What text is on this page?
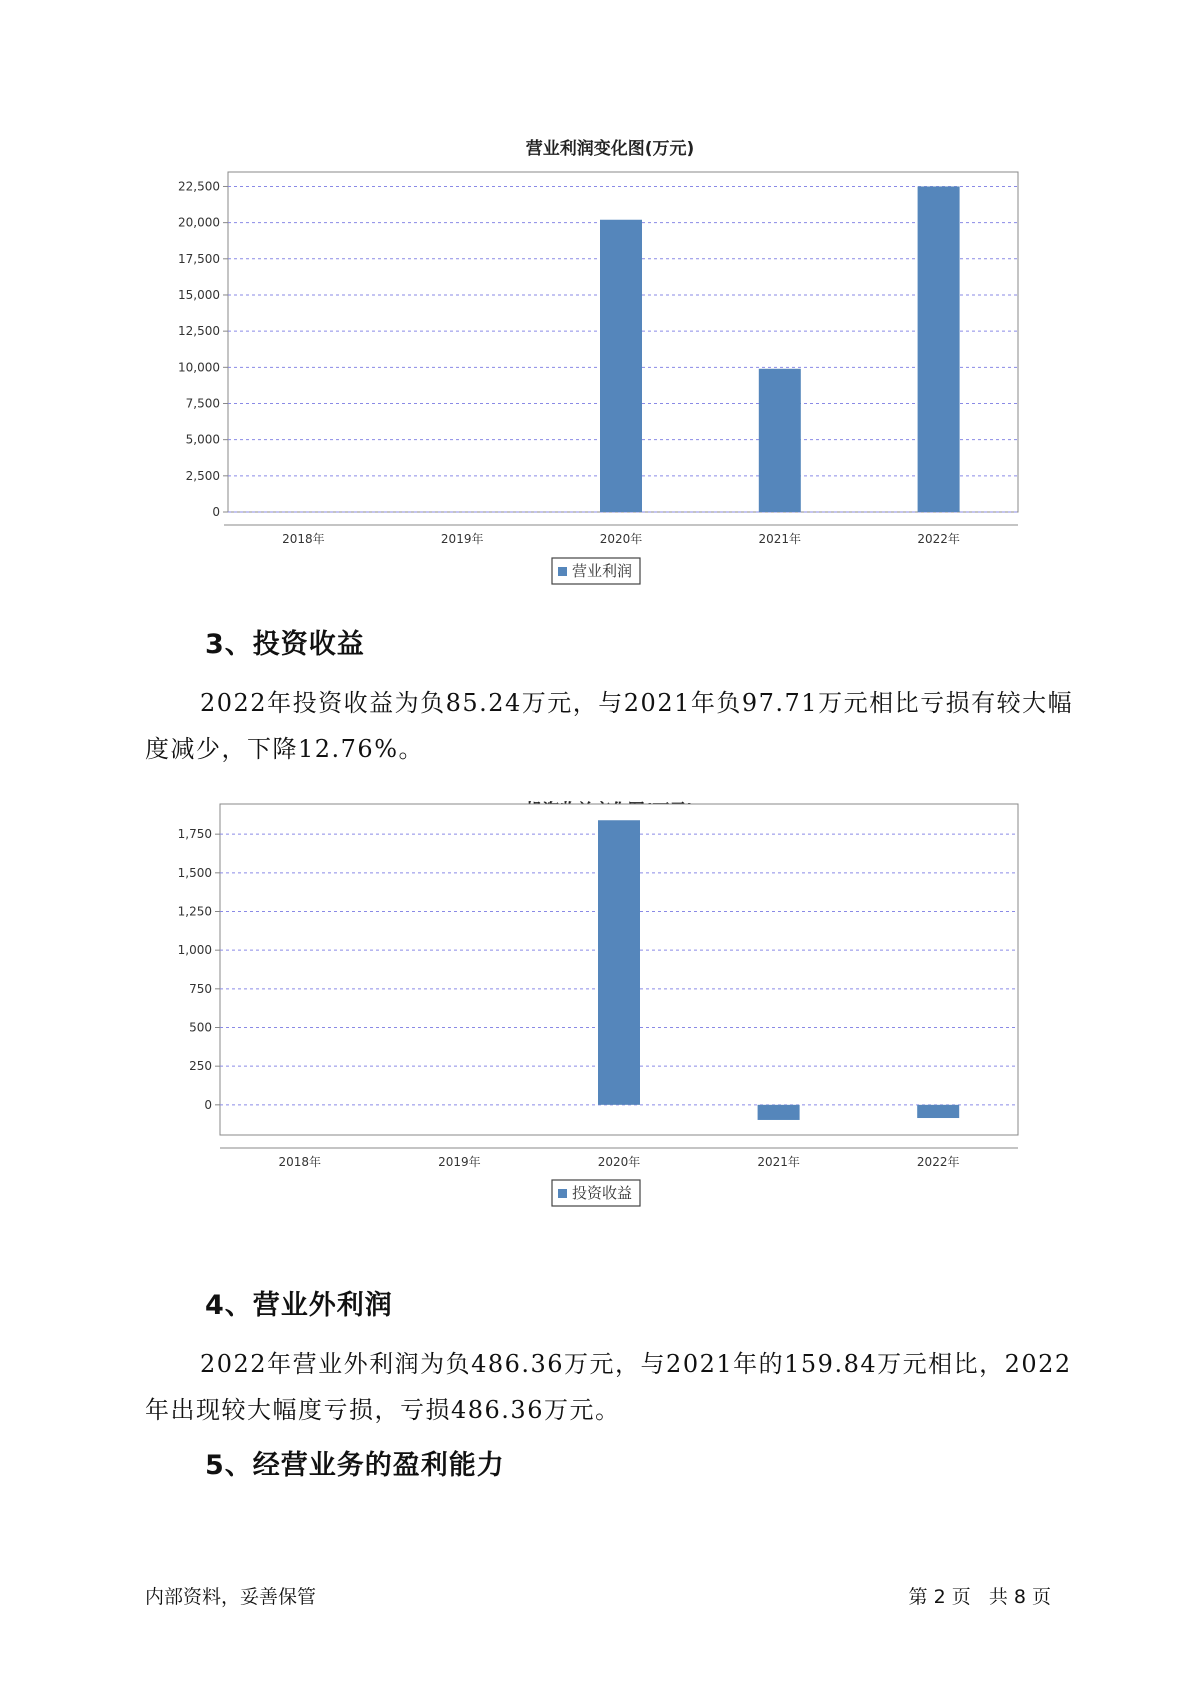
营业利润变化图(万元)
0
2,500
5,000
7,500
10,000
12,500
15,000
17,500
20,000
22,500
2018年	2019年	2020年	2021年	2022年
营业利润
3、投资收益
2022年投资收益为负85.24万元，与2021年负97.71万元相比亏损有较大幅度减少，下降12.76%。
0
250
500
750
1,000
1,250
1,500
1,750
2018年	2019年	2020年	2021年	2022年
投资收益
4、营业外利润
2022年营业外利润为负486.36万元，与2021年的159.84万元相比，2022年出现较大幅度亏损，亏损486.36万元。
5、经营业务的盈利能力
内部资料，妥善保管	第 2 页   共 8 页
